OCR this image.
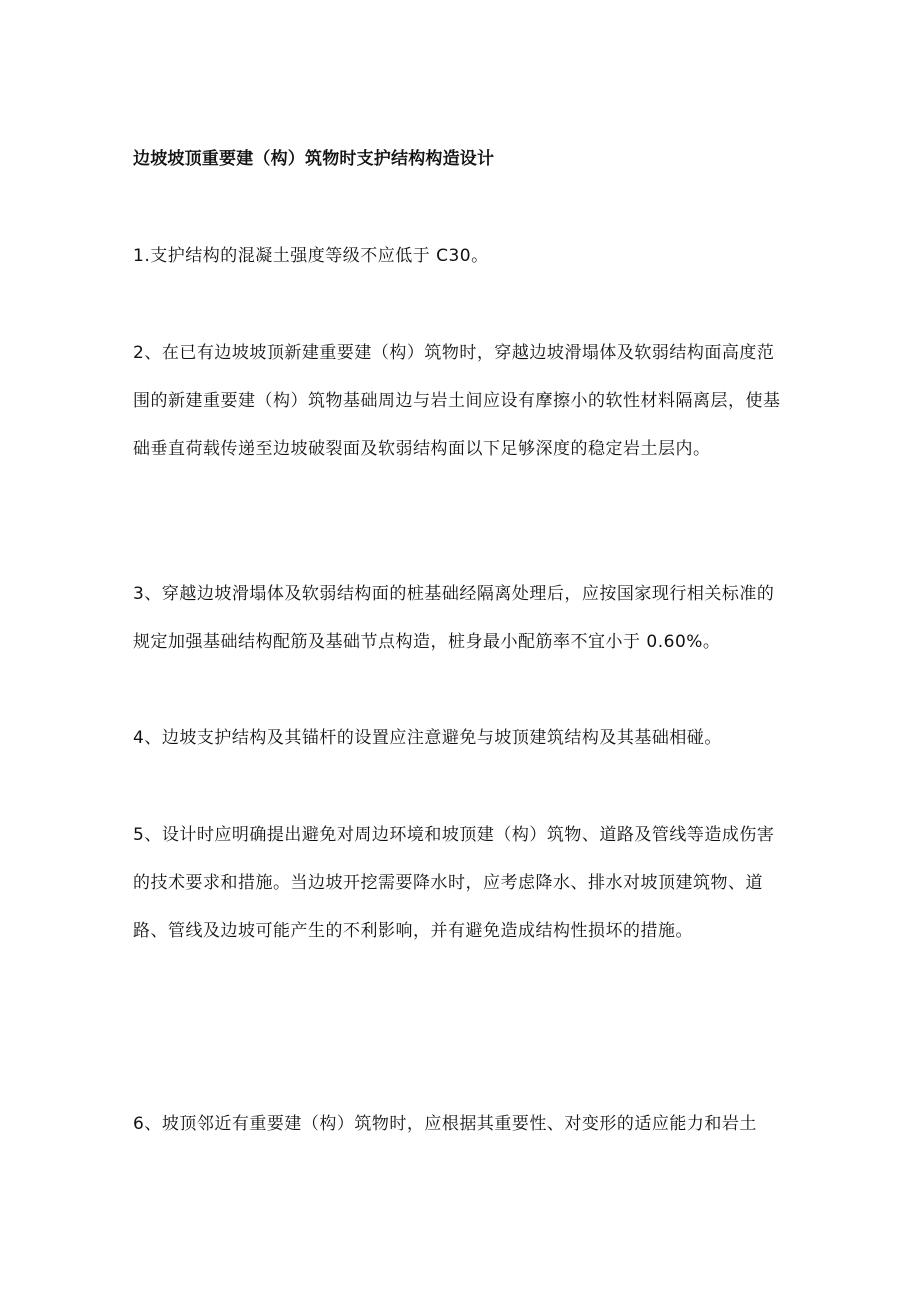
边坡坡顶重要建（构）筑物时支护结构构造设计

1.支护结构的混凝土强度等级不应低于 C30。

2、在已有边坡坡顶新建重要建（构）筑物时，穿越边坡滑塌体及软弱结构面高度范围的新建重要建（构）筑物基础周边与岩土间应设有摩擦小的软性材料隔离层，使基础垂直荷载传递至边坡破裂面及软弱结构面以下足够深度的稳定岩土层内。

3、穿越边坡滑塌体及软弱结构面的桩基础经隔离处理后，应按国家现行相关标准的规定加强基础结构配筋及基础节点构造，桩身最小配筋率不宜小于 0.60%。

4、边坡支护结构及其锚杆的设置应注意避免与坡顶建筑结构及其基础相碰。

5、设计时应明确提出避免对周边环境和坡顶建（构）筑物、道路及管线等造成伤害的技术要求和措施。当边坡开挖需要降水时，应考虑降水、排水对坡顶建筑物、道路、管线及边坡可能产生的不利影响，并有避免造成结构性损坏的措施。

6、坡顶邻近有重要建（构）筑物时，应根据其重要性、对变形的适应能力和岩土
